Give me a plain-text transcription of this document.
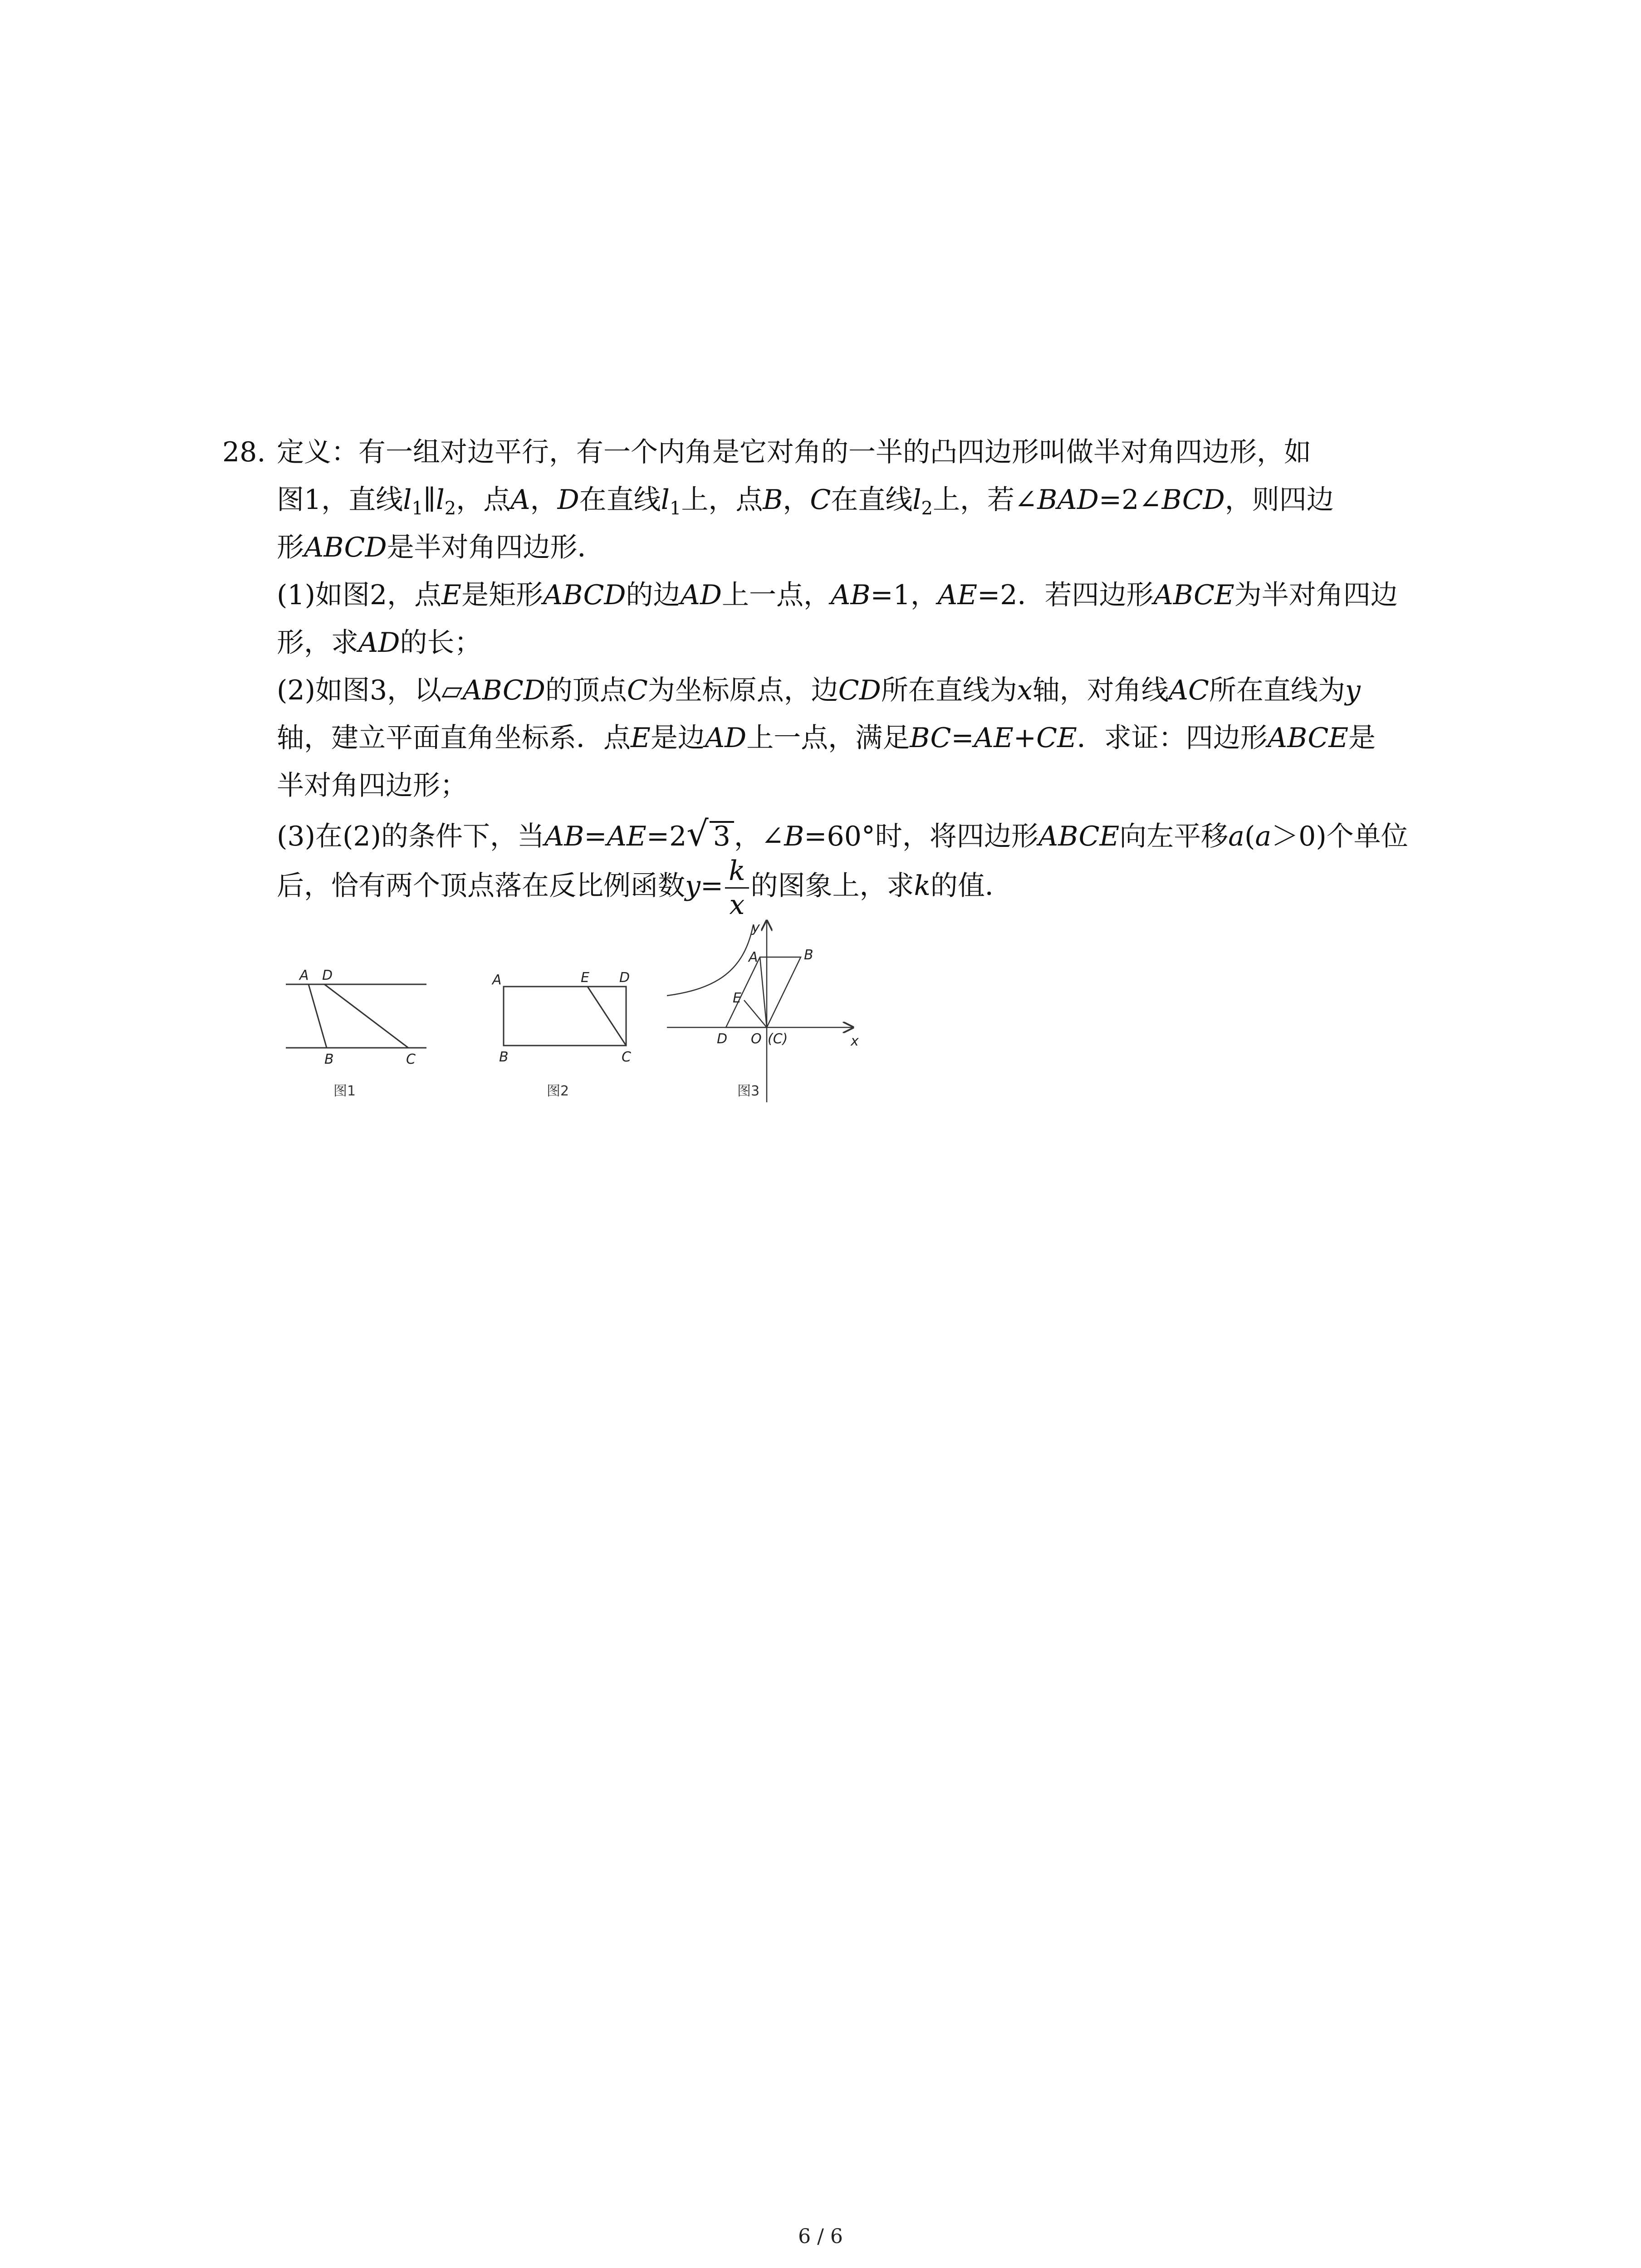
28. 定义：有一组对边平行，有一个内角是它对角的一半的凸四边形叫做半对角四边形，如
图1，直线$l_1\parallel l_2$，点A，D在直线$l_1$上，点B，C在直线$l_2$上，若∠BAD=2∠BCD，则四边
形ABCD是半对角四边形．
(1)如图2，点E是矩形ABCD的边AD上一点，AB=1，AE=2．若四边形ABCE为半对角四边
形，求AD的长；
(2)如图3，以▱ABCD的顶点C为坐标原点，边CD所在直线为x轴，对角线AC所在直线为y
轴，建立平面直角坐标系．点E是边AD上一点，满足BC=AE+CE．求证：四边形ABCE是
半对角四边形；
(3)在(2)的条件下，当AB=AE=2√ 3 ，∠B=60°时，将四边形ABCE向左平移a(a＞0)个单位
后，恰有两个顶点落在反比例函数$y= \frac{k}{x}$ 的图象上，求k的值．
A D
B	C
图1
A	E D
B	C
图2
y
A	B
E
D O (C)	x
图3
6 / 6
